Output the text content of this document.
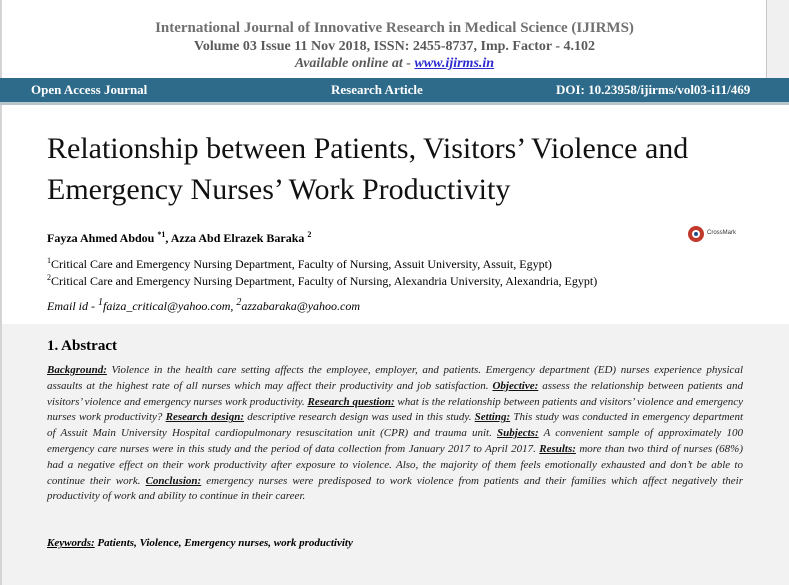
International Journal of Innovative Research in Medical Science (IJIRMS)
Volume 03 Issue 11 Nov 2018, ISSN: 2455-8737, Imp. Factor - 4.102
Available online at - www.ijirms.in
Open Access Journal	Research Article	DOI: 10.23958/ijirms/vol03-i11/469
Relationship between Patients, Visitors’ Violence and Emergency Nurses’ Work Productivity
Fayza Ahmed Abdou $^{*1}$, Azza Abd Elrazek Baraka $^2$	CrossMark
$^1$Critical Care and Emergency Nursing Department, Faculty of Nursing, Assuit University, Assuit, Egypt)
$^2$Critical Care and Emergency Nursing Department, Faculty of Nursing, Alexandria University, Alexandria, Egypt)
Email id - $^1$faiza_critical@yahoo.com, $^2$azzabaraka@yahoo.com
1. Abstract
Background: Violence in the health care setting affects the employee, employer, and patients. Emergency department (ED) nurses experience physical assaults at the highest rate of all nurses which may affect their productivity and job satisfaction. Objective: assess the relationship between patients and visitors’ violence and emergency nurses work productivity. Research question: what is the relationship between patients and visitors’ violence and emergency nurses work productivity? Research design: descriptive research design was used in this study. Setting: This study was conducted in emergency department of Assuit Main University Hospital cardiopulmonary resuscitation unit (CPR) and trauma unit. Subjects: A convenient sample of approximately 100 emergency care nurses were in this study and the period of data collection from January 2017 to April 2017. Results: more than two third of nurses (68%) had a negative effect on their work productivity after exposure to violence. Also, the majority of them feels emotionally exhausted and don’t be able to continue their work. Conclusion: emergency nurses were predisposed to work violence from patients and their families which affect negatively their productivity of work and ability to continue in their career.
Keywords: Patients, Violence, Emergency nurses, work productivity
